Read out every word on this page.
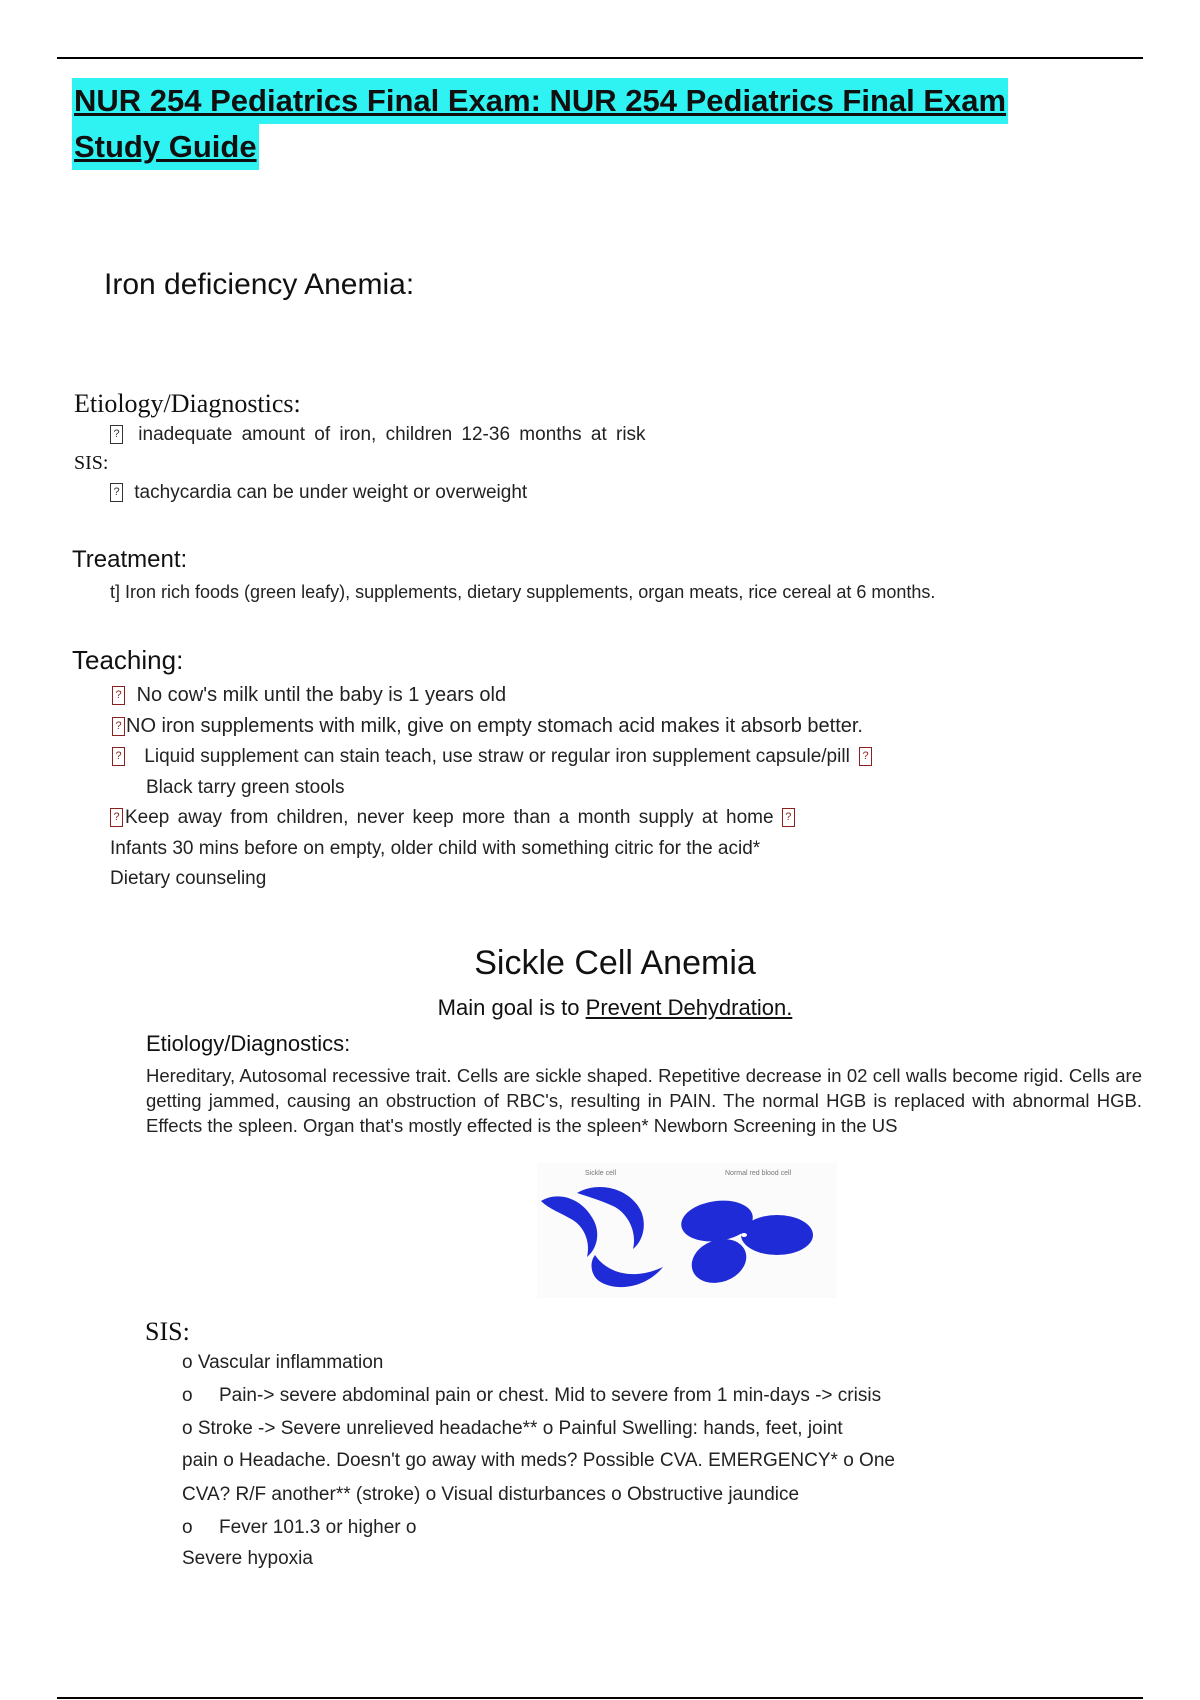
NUR 254 Pediatrics Final Exam: NUR 254 Pediatrics Final Exam
Study Guide
Iron deficiency Anemia:
Etiology/Diagnostics:
? inadequate amount of iron, children 12-36 months at risk
SIS:
? tachycardia can be under weight or overweight
Treatment:
t] Iron rich foods (green leafy), supplements, dietary supplements, organ meats, rice cereal at 6 months.
Teaching:
? No cow's milk until the baby is 1 years old
? NO iron supplements with milk, give on empty stomach acid makes it absorb better.
? Liquid supplement can stain teach, use straw or regular iron supplement capsule/pill ?
Black tarry green stools
? Keep away from children, never keep more than a month supply at home ?
Infants 30 mins before on empty, older child with something citric for the acid*
Dietary counseling
Sickle Cell Anemia
Main goal is to Prevent Dehydration.
Etiology/Diagnostics:
Hereditary, Autosomal recessive trait. Cells are sickle shaped. Repetitive decrease in 02 cell walls become rigid. Cells are getting jammed, causing an obstruction of RBC's, resulting in PAIN. The normal HGB is replaced with abnormal HGB. Effects the spleen. Organ that's mostly effected is the spleen* Newborn Screening in the US
Sickle cell	Normal red blood cell
SIS:
o Vascular inflammation
o     Pain-> severe abdominal pain or chest. Mid to severe from 1 min-days -> crisis
o Stroke -> Severe unrelieved headache** o Painful Swelling: hands, feet, joint
pain o Headache. Doesn't go away with meds? Possible CVA. EMERGENCY* o One
CVA? R/F another** (stroke) o Visual disturbances o Obstructive jaundice
o     Fever 101.3 or higher o
Severe hypoxia
